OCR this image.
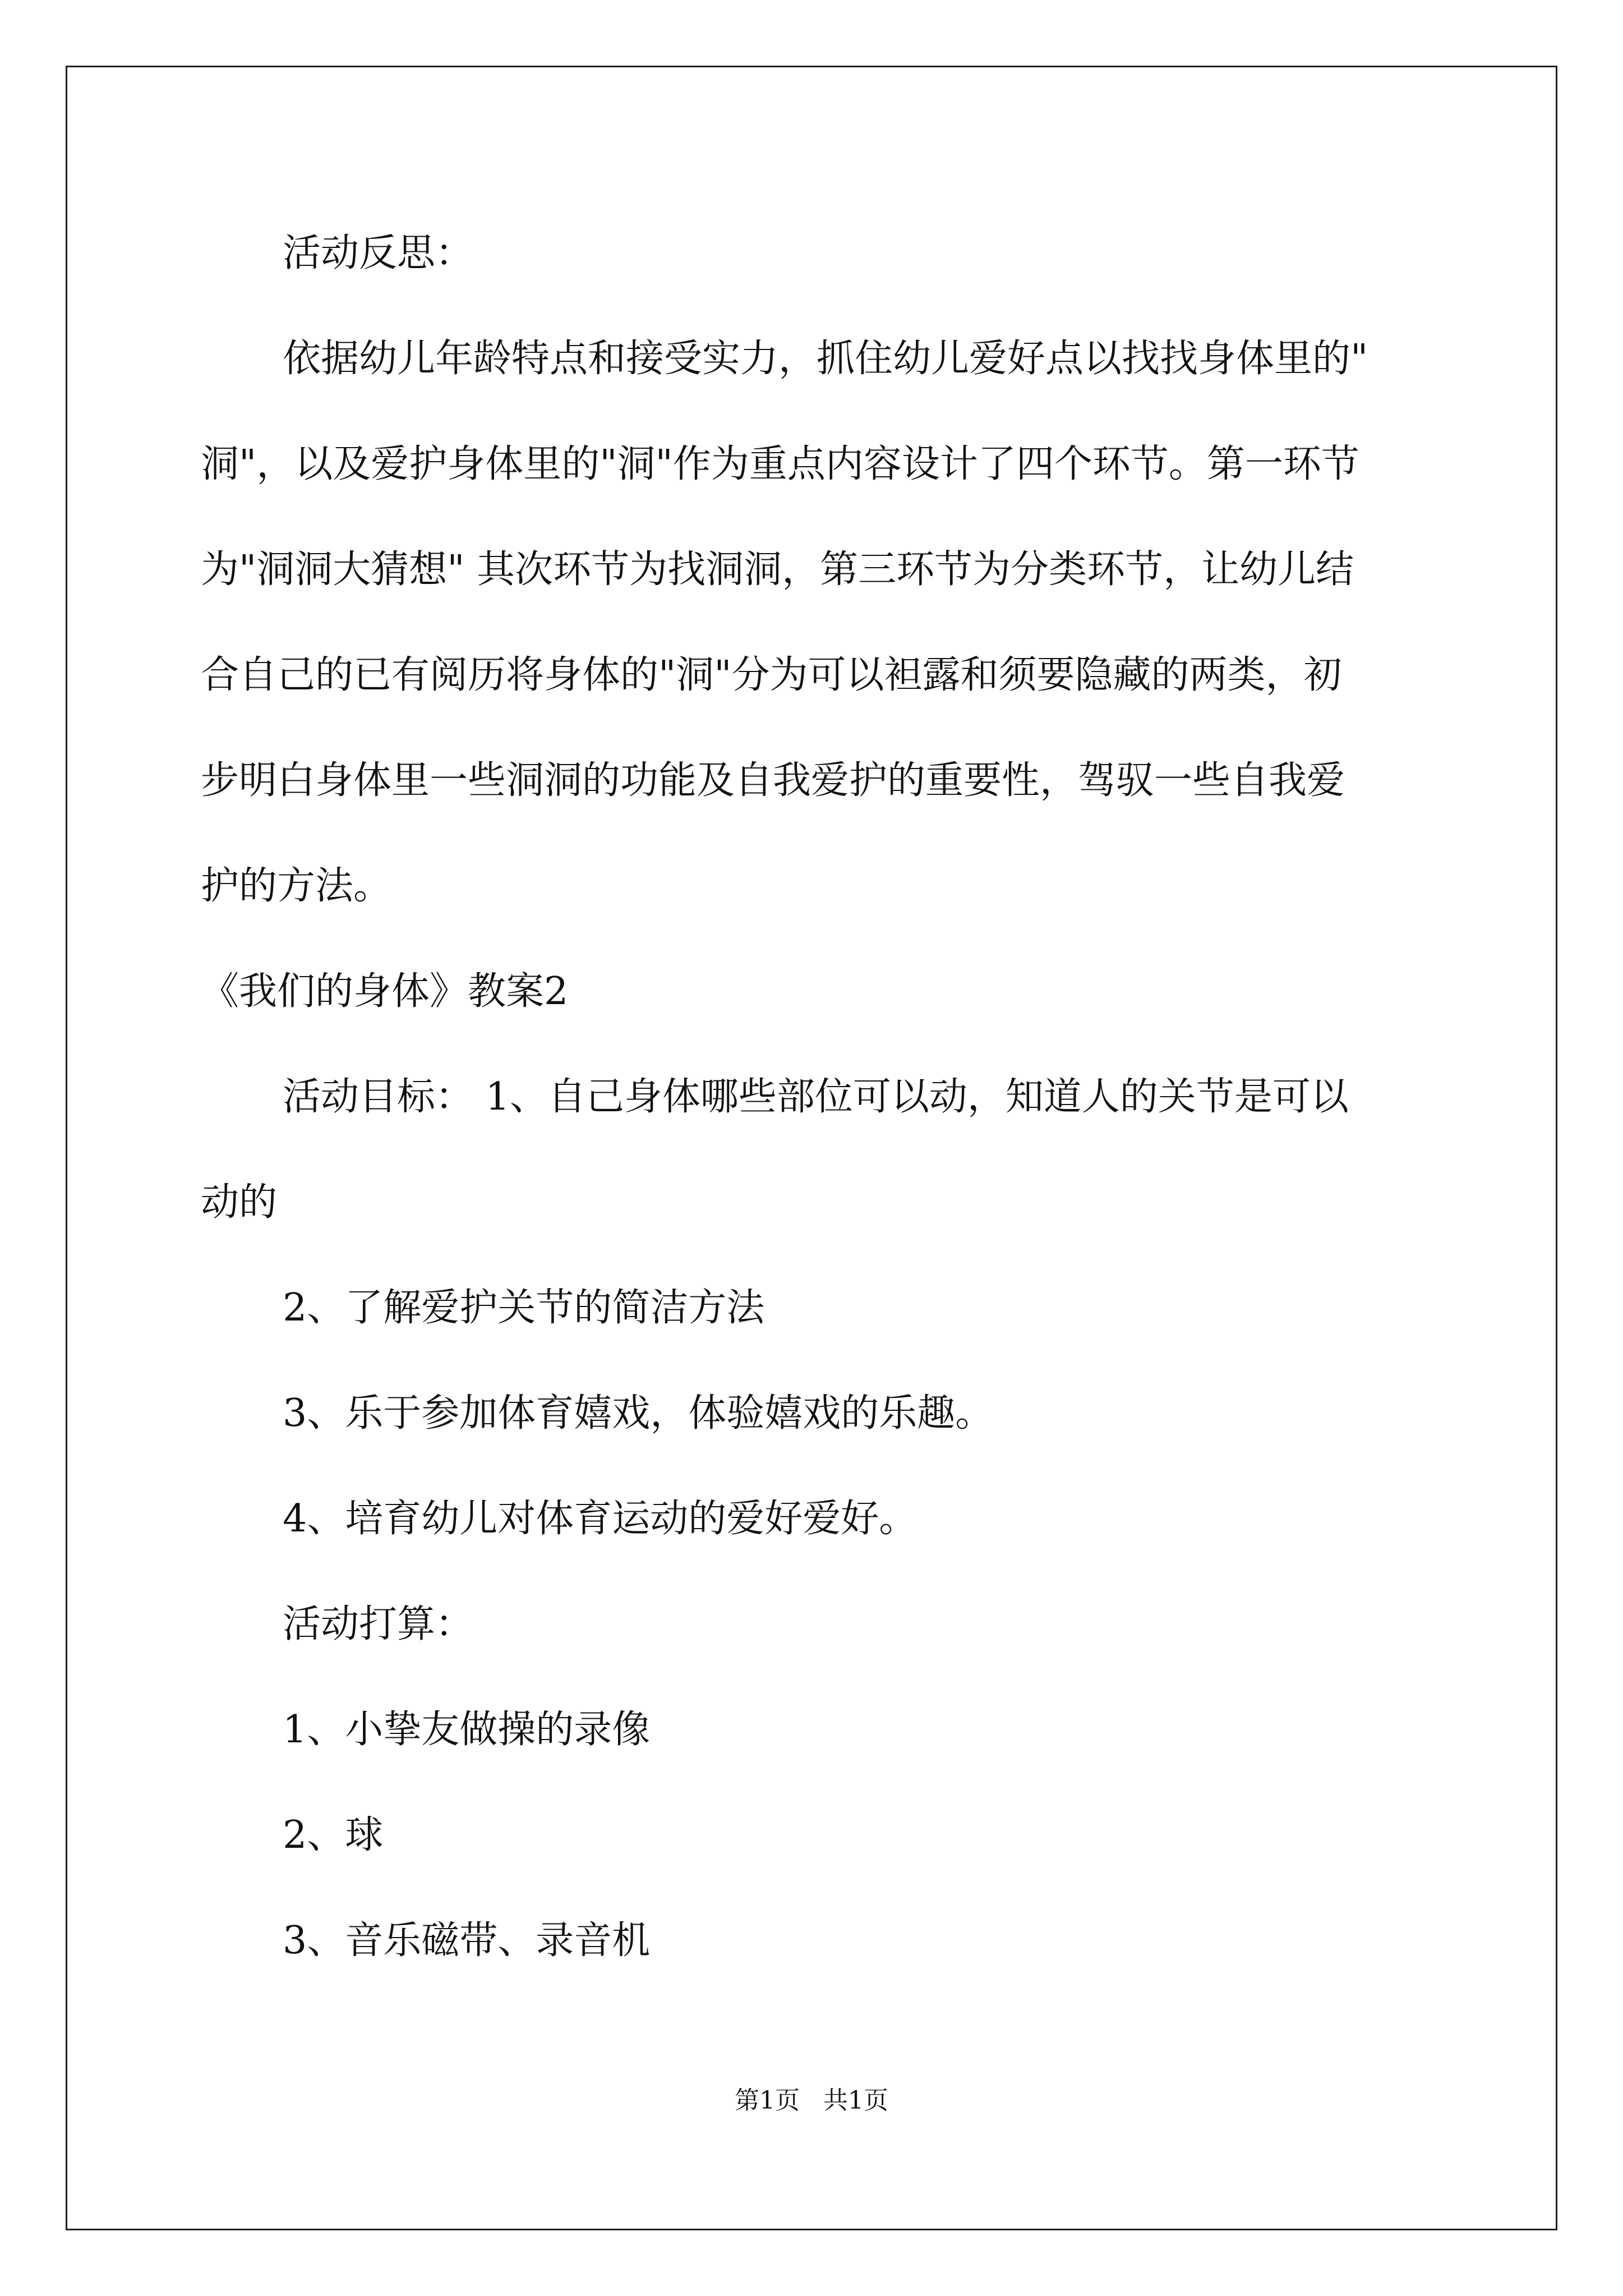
活动反思：
依据幼儿年龄特点和接受实力，抓住幼儿爱好点以找找身体里的"
洞"，以及爱护身体里的"洞"作为重点内容设计了四个环节。第一环节
为"洞洞大猜想" 其次环节为找洞洞，第三环节为分类环节，让幼儿结
合自己的已有阅历将身体的"洞"分为可以袒露和须要隐藏的两类，初
步明白身体里一些洞洞的功能及自我爱护的重要性，驾驭一些自我爱
护的方法。
《我们的身体》教案2
活动目标： 1、自己身体哪些部位可以动，知道人的关节是可以
动的
2、了解爱护关节的简洁方法
3、乐于参加体育嬉戏，体验嬉戏的乐趣。
4、培育幼儿对体育运动的爱好爱好。
活动打算：
1、小挚友做操的录像
2、球
3、音乐磁带、录音机
第1页 共1页
